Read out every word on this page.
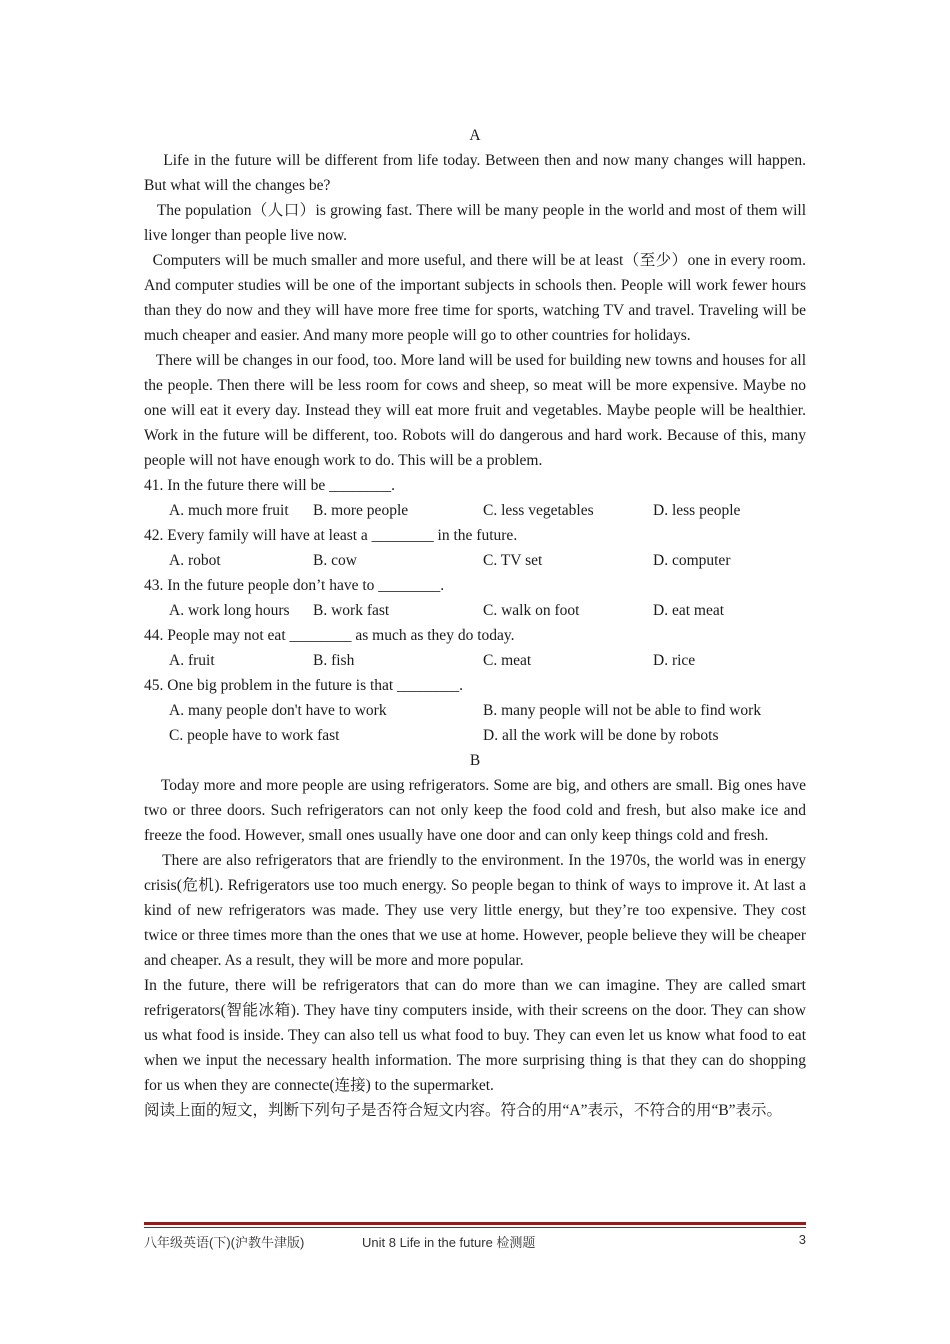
A

Life in the future will be different from life today. Between then and now many changes will happen. But what will the changes be?

The population（人口）is growing fast. There will be many people in the world and most of them will live longer than people live now.

Computers will be much smaller and more useful, and there will be at least（至少）one in every room. And computer studies will be one of the important subjects in schools then. People will work fewer hours than they do now and they will have more free time for sports, watching TV and travel. Traveling will be much cheaper and easier. And many more people will go to other countries for holidays.

There will be changes in our food, too. More land will be used for building new towns and houses for all the people. Then there will be less room for cows and sheep, so meat will be more expensive. Maybe no one will eat it every day. Instead they will eat more fruit and vegetables. Maybe people will be healthier. Work in the future will be different, too. Robots will do dangerous and hard work. Because of this, many people will not have enough work to do. This will be a problem.

41. In the future there will be ________.

A. much more fruit	B. more people	C. less vegetables	D. less people

42. Every family will have at least a ________ in the future.

A. robot	B. cow	C. TV set	D. computer

43. In the future people don’t have to ________.

A. work long hours	B. work fast	C. walk on foot	D. eat meat

44. People may not eat ________ as much as they do today.

A. fruit	B. fish	C. meat	D. rice

45. One big problem in the future is that ________.

A. many people don't have to work	B. many people will not be able to find work
C. people have to work fast	D. all the work will be done by robots
B

Today more and more people are using refrigerators. Some are big, and others are small. Big ones have two or three doors. Such refrigerators can not only keep the food cold and fresh, but also make ice and freeze the food. However, small ones usually have one door and can only keep things cold and fresh.

There are also refrigerators that are friendly to the environment. In the 1970s, the world was in energy crisis(危机). Refrigerators use too much energy. So people began to think of ways to improve it. At last a kind of new refrigerators was made. They use very little energy, but they’re too expensive. They cost twice or three times more than the ones that we use at home. However, people believe they will be cheaper and cheaper. As a result, they will be more and more popular.

In the future, there will be refrigerators that can do more than we can imagine. They are called smart refrigerators(智能冰箱). They have tiny computers inside, with their screens on the door. They can show us what food is inside. They can also tell us what food to buy. They can even let us know what food to eat when we input the necessary health information. The more surprising thing is that they can do shopping for us when they are connecte(连接) to the supermarket.

阅读上面的短文，判断下列句子是否符合短文内容。符合的用“A”表示，不符合的用“B”表示。

八年级英语(下)(沪教牛津版)	Unit 8 Life in the future 检测题	3
